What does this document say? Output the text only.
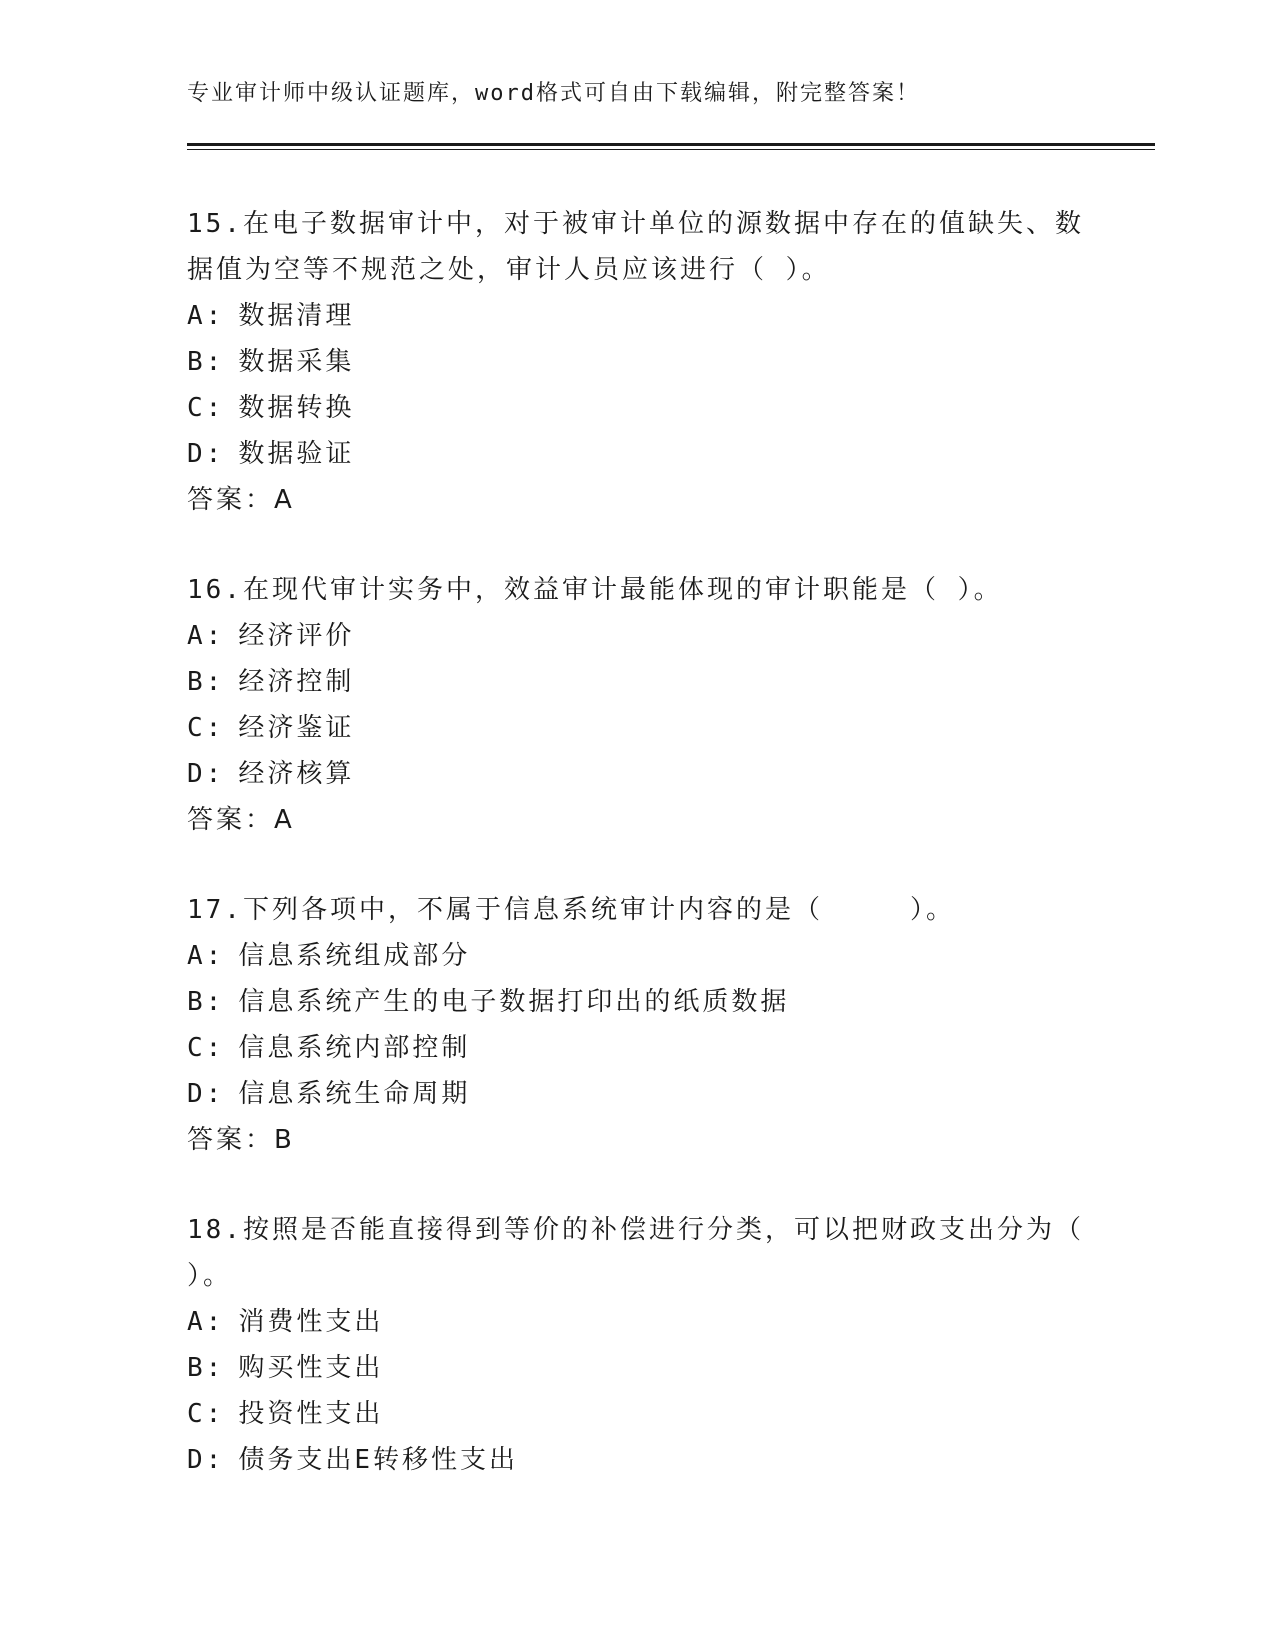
专业审计师中级认证题库，word格式可自由下载编辑，附完整答案！

15.在电子数据审计中，对于被审计单位的源数据中存在的值缺失、数据值为空等不规范之处，审计人员应该进行（ ）。

A: 数据清理

B: 数据采集

C: 数据转换

D: 数据验证

答案：A

16.在现代审计实务中，效益审计最能体现的审计职能是（ ）。

A: 经济评价

B: 经济控制

C: 经济鉴证

D: 经济核算

答案：A

17.下列各项中，不属于信息系统审计内容的是（　　　）。

A: 信息系统组成部分

B: 信息系统产生的电子数据打印出的纸质数据

C: 信息系统内部控制

D: 信息系统生命周期

答案：B

18.按照是否能直接得到等价的补偿进行分类，可以把财政支出分为（ ）。

A: 消费性支出

B: 购买性支出

C: 投资性支出

D: 债务支出E转移性支出
